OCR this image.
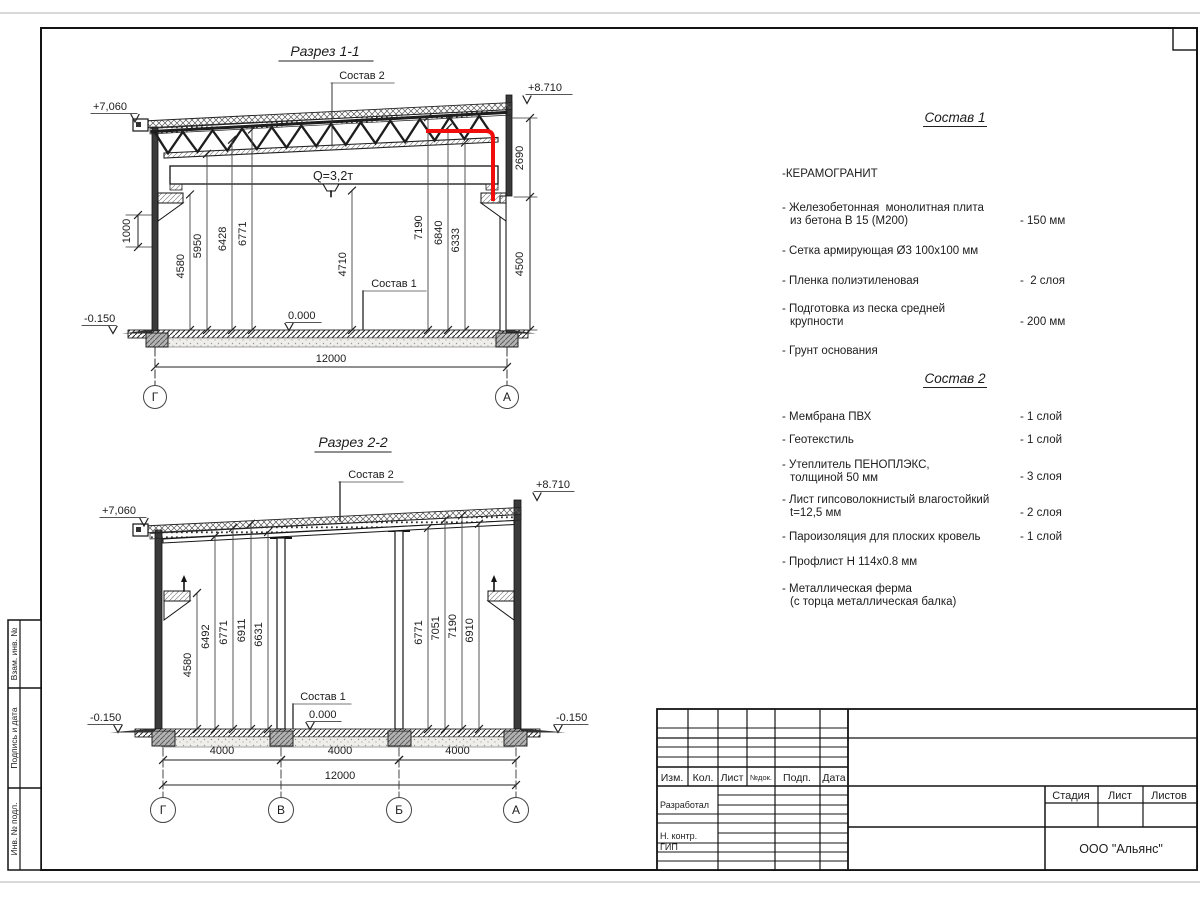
Разрез 1-1
Q=3,2т
Состав 2
Состав 1
+8.710
+7,060
0.000
-0.150
2690
4500
1000
4580
5950 6428 6771
4710
7190 6840 6333
12000
Г	А
Разрез 2-2
Состав 2
Состав 1
+8.710
+7,060
0.000
-0.150	-0.150
4580
6492 6771 6911 6631	6771 7051 7190 6910
4000	4000	4000
12000
Г	В	Б	А
Изм. Кол. Лист №док. Подп. Дата
Разработал
Н. контр.
ГИП
Стадия Лист Листов
ООО "Альянс"
Взам. инв. №
Подпись и дата
Инв. № подл.
Состав 1
-КЕРАМОГРАНИТ
- Железобетонная  монолитная плита
из бетона В 15 (М200)	- 150 мм
- Сетка армирующая Ø3 100х100 мм
- Пленка полиэтиленовая	-  2 слоя
- Подготовка из песка средней
крупности	- 200 мм
- Грунт основания
Состав 2
- Мембрана ПВХ	- 1 слой
- Геотекстиль	- 1 слой
- Утеплитель ПЕНОПЛЭКС,
толщиной 50 мм	- 3 слоя
- Лист гипсоволокнистый влагостойкий
t=12,5 мм	- 2 слоя
- Пароизоляция для плоских кровель	- 1 слой
- Профлист Н 114х0.8 мм
- Металлическая ферма
(с торца металлическая балка)
